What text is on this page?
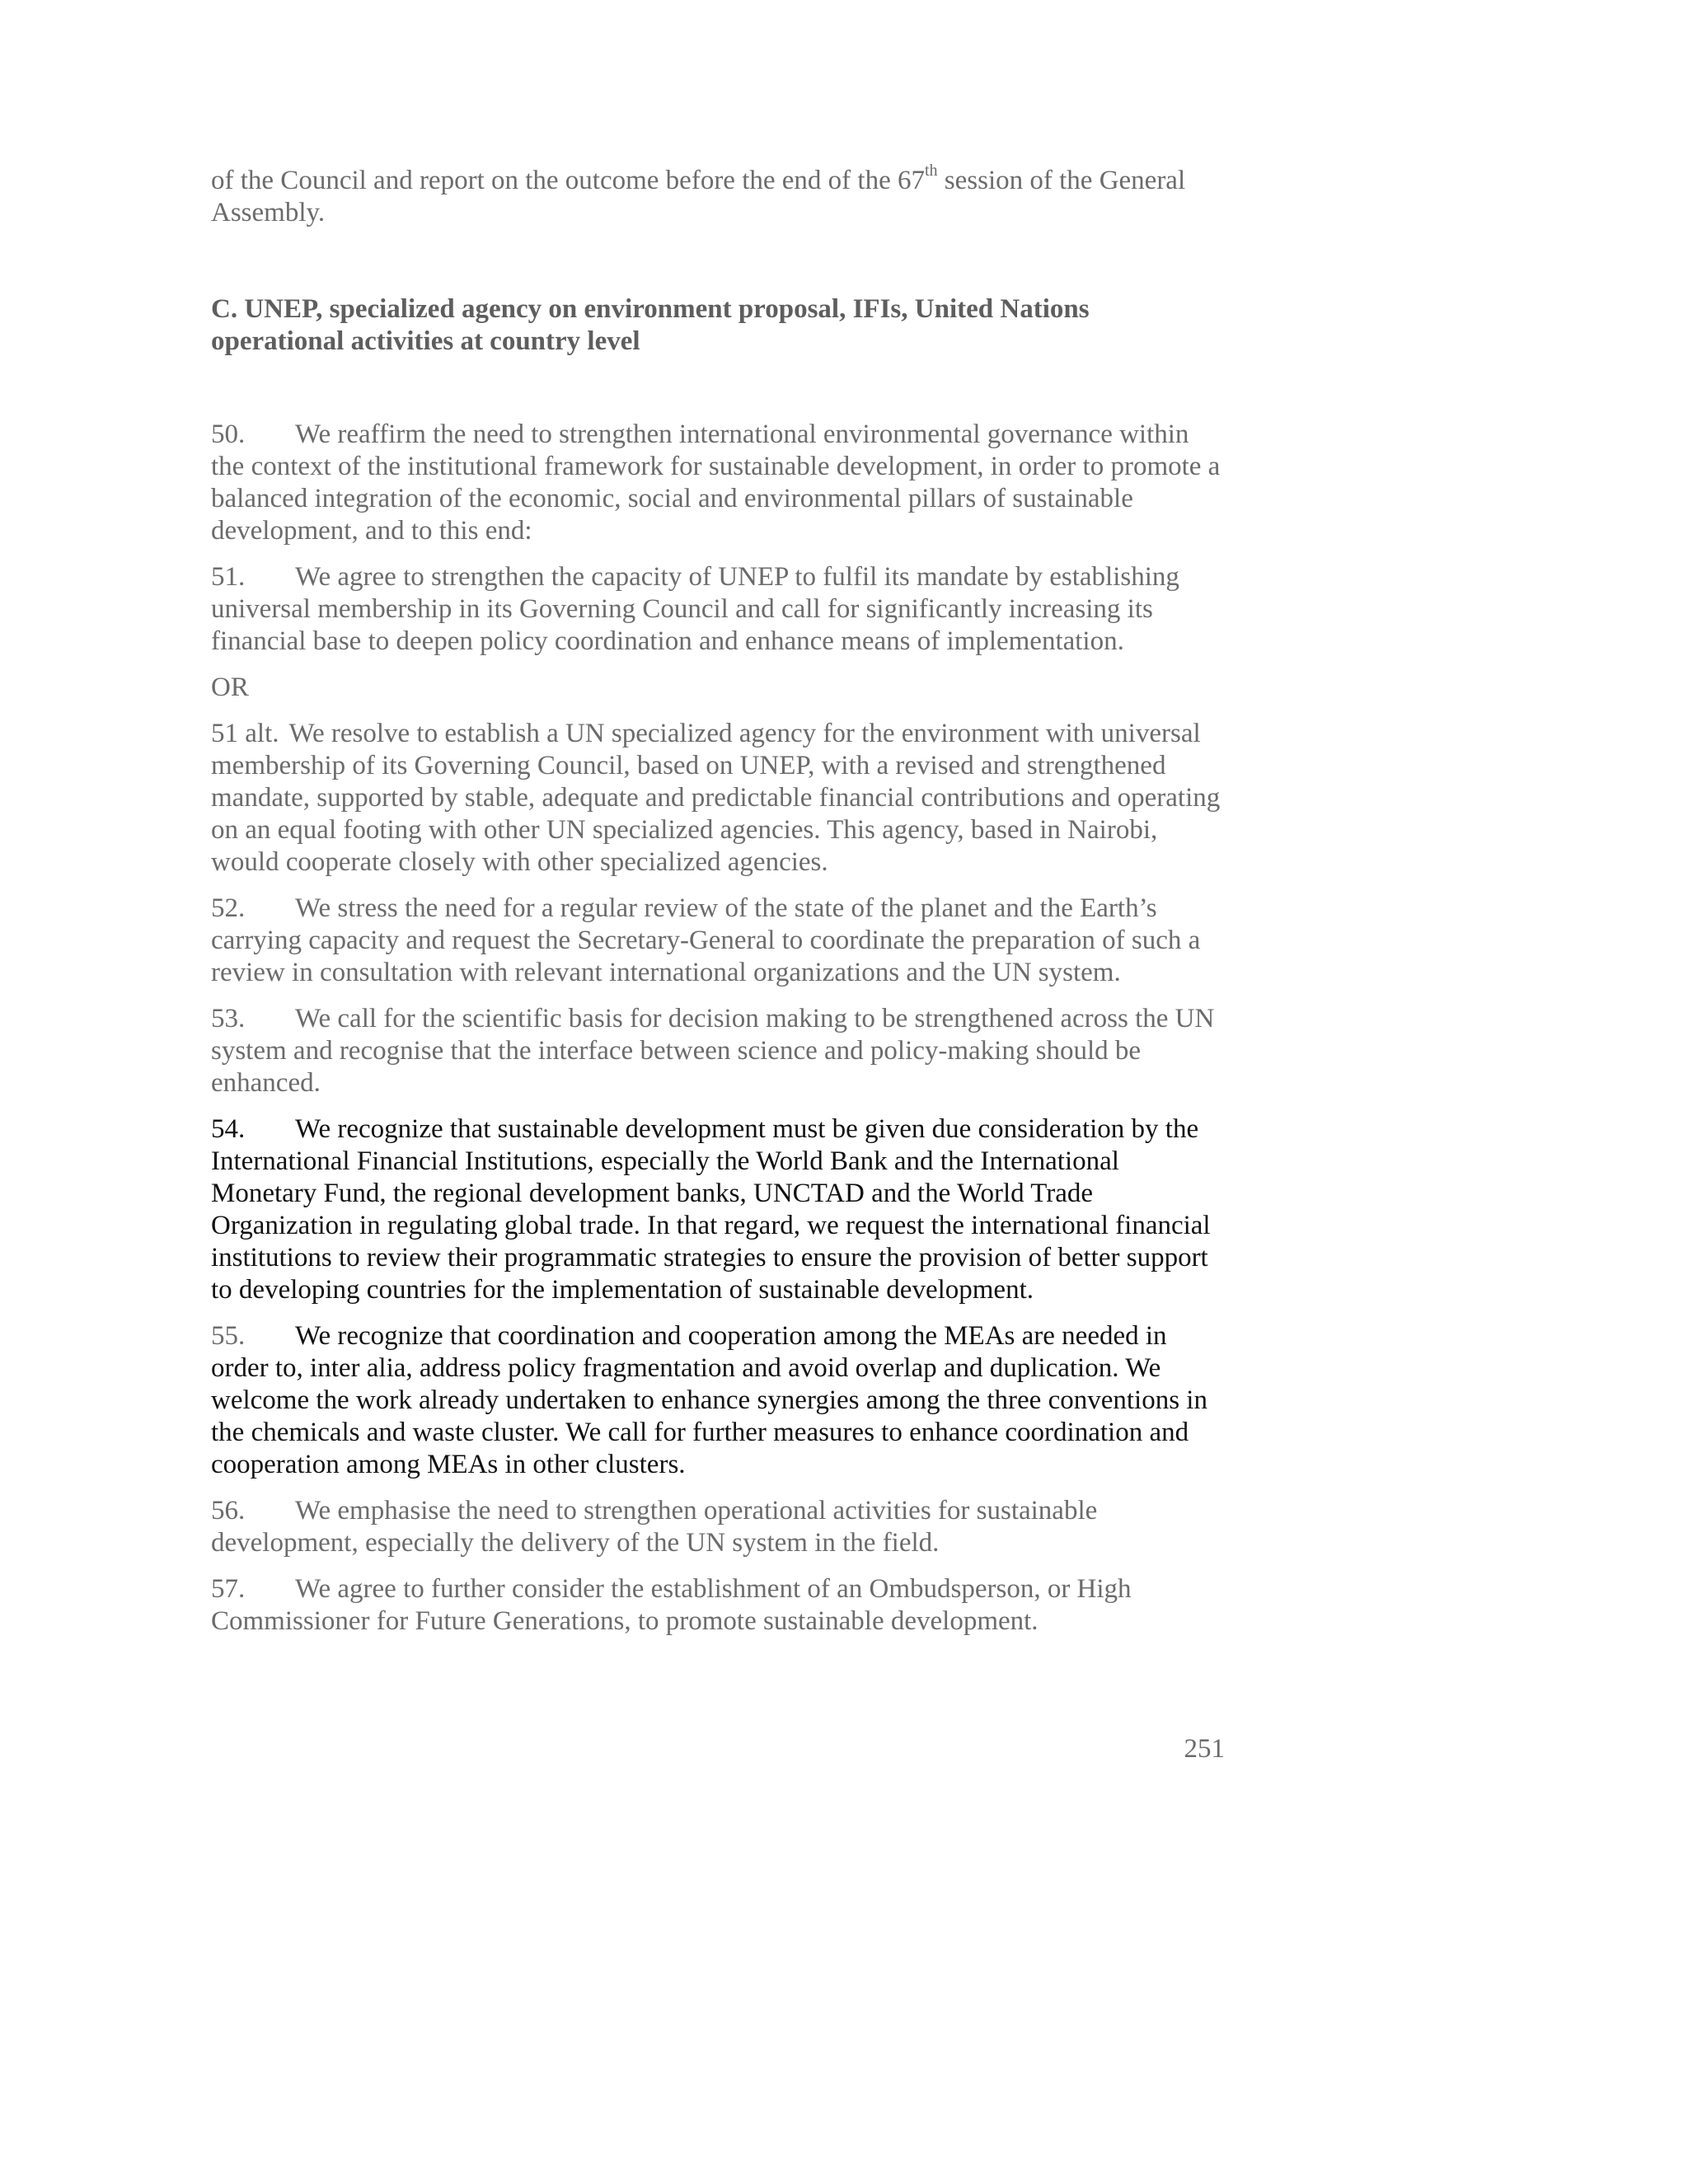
of the Council and report on the outcome before the end of the 67th session of the General Assembly.

C. UNEP, specialized agency on environment proposal, IFIs, United Nations operational activities at country level

50. We reaffirm the need to strengthen international environmental governance within the context of the institutional framework for sustainable development, in order to promote a balanced integration of the economic, social and environmental pillars of sustainable development, and to this end:

51. We agree to strengthen the capacity of UNEP to fulfil its mandate by establishing universal membership in its Governing Council and call for significantly increasing its financial base to deepen policy coordination and enhance means of implementation.

OR

51 alt. We resolve to establish a UN specialized agency for the environment with universal membership of its Governing Council, based on UNEP, with a revised and strengthened mandate, supported by stable, adequate and predictable financial contributions and operating on an equal footing with other UN specialized agencies. This agency, based in Nairobi, would cooperate closely with other specialized agencies.

52. We stress the need for a regular review of the state of the planet and the Earth’s carrying capacity and request the Secretary-General to coordinate the preparation of such a review in consultation with relevant international organizations and the UN system.

53. We call for the scientific basis for decision making to be strengthened across the UN system and recognise that the interface between science and policy-making should be enhanced.

54. We recognize that sustainable development must be given due consideration by the International Financial Institutions, especially the World Bank and the International Monetary Fund, the regional development banks, UNCTAD and the World Trade Organization in regulating global trade. In that regard, we request the international financial institutions to review their programmatic strategies to ensure the provision of better support to developing countries for the implementation of sustainable development.

55. We recognize that coordination and cooperation among the MEAs are needed in order to, inter alia, address policy fragmentation and avoid overlap and duplication. We welcome the work already undertaken to enhance synergies among the three conventions in the chemicals and waste cluster. We call for further measures to enhance coordination and cooperation among MEAs in other clusters.

56. We emphasise the need to strengthen operational activities for sustainable development, especially the delivery of the UN system in the field.

57. We agree to further consider the establishment of an Ombudsperson, or High Commissioner for Future Generations, to promote sustainable development.

251
